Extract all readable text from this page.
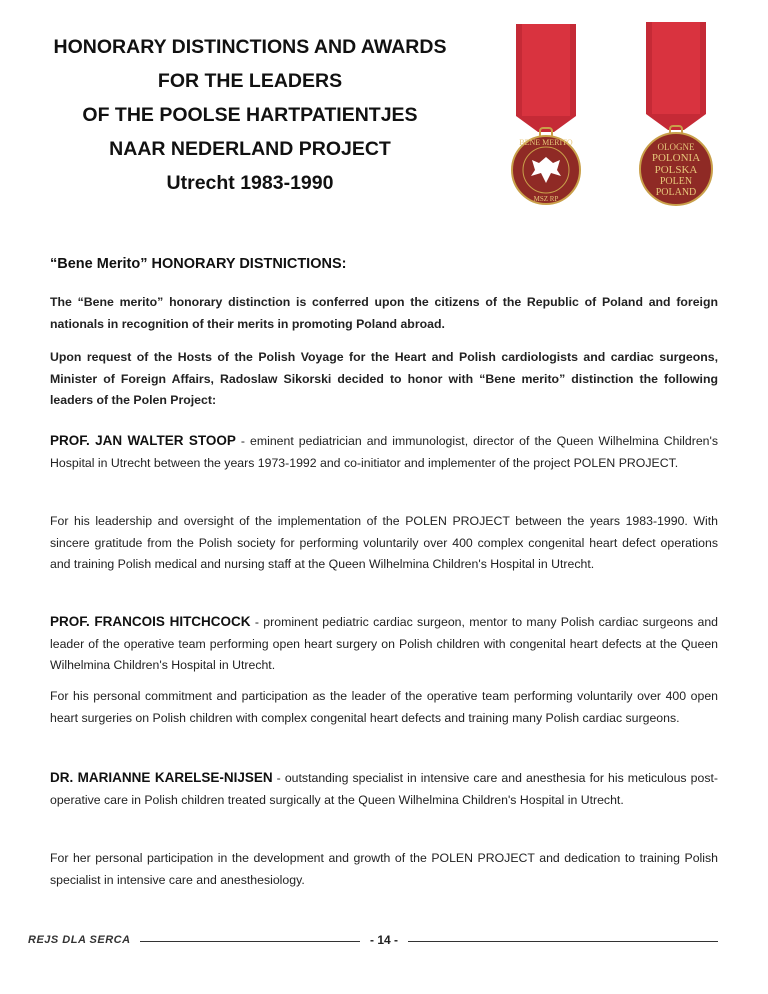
HONORARY DISTINCTIONS AND AWARDS
FOR THE LEADERS
OF THE POOLSE HARTPATIENTJES
NAAR NEDERLAND PROJECT
Utrecht 1983-1990
BENE MERITO
MSZ RP
OLOGNE
POLONIA
POLSKA
POLEN
POLAND
“Bene Merito” HONORARY DISTNICTIONS:
The “Bene merito” honorary distinction is conferred upon the citizens of the Republic of Poland and foreign nationals in recognition of their merits in promoting Poland abroad.
Upon request of the Hosts of the Polish Voyage for the Heart and Polish cardiologists and cardiac surgeons, Minister of Foreign Affairs, Radoslaw Sikorski decided to honor with “Bene merito” distinction the following leaders of the Polen Project:
PROF. JAN WALTER STOOP - eminent pediatrician and immunologist, director of the Queen Wilhelmina Children's Hospital in Utrecht between the years 1973-1992 and co-initiator and implementer of the project POLEN PROJECT.
For his leadership and oversight of the implementation of the POLEN PROJECT between the years 1983-1990. With sincere gratitude from the Polish society for performing voluntarily over 400 complex congenital heart defect operations and training Polish medical and nursing staff at the Queen Wilhelmina Children's Hospital in Utrecht.
PROF. FRANCOIS HITCHCOCK - prominent pediatric cardiac surgeon, mentor to many Polish cardiac surgeons and leader of the operative team performing open heart surgery on Polish children with congenital heart defects at the Queen Wilhelmina Children's Hospital in Utrecht.
For his personal commitment and participation as the leader of the operative team performing voluntarily over 400 open heart surgeries on Polish children with complex congenital heart defects and training many Polish cardiac surgeons.
DR. MARIANNE KARELSE-NIJSEN - outstanding specialist in intensive care and anesthesia for his meticulous post-operative care in Polish children treated surgically at the Queen Wilhelmina Children's Hospital in Utrecht.
For her personal participation in the development and growth of the POLEN PROJECT and dedication to training Polish specialist in intensive care and anesthesiology.
REJS DLA SERCA	- 14 -
